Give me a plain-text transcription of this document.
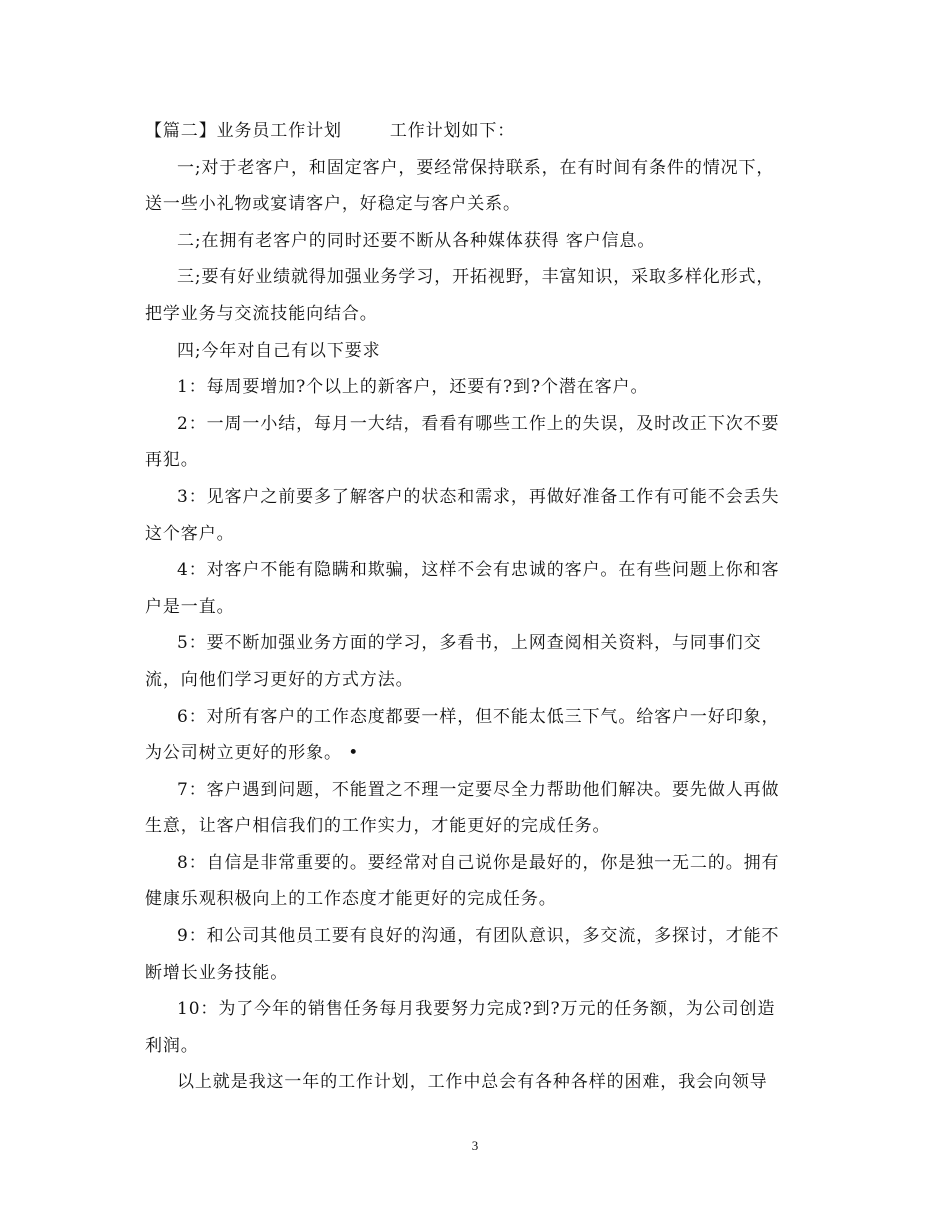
【篇二】业务员工作计划	工作计划如下：
一;对于老客户，和固定客户，要经常保持联系，在有时间有条件的情况下，
送一些小礼物或宴请客户，好稳定与客户关系。
二;在拥有老客户的同时还要不断从各种媒体获得 客户信息。
三;要有好业绩就得加强业务学习，开拓视野，丰富知识，采取多样化形式，
把学业务与交流技能向结合。
四;今年对自己有以下要求
1：每周要增加?个以上的新客户，还要有?到?个潜在客户。
2：一周一小结，每月一大结，看看有哪些工作上的失误，及时改正下次不要
再犯。
3：见客户之前要多了解客户的状态和需求，再做好准备工作有可能不会丢失
这个客户。
4：对客户不能有隐瞒和欺骗，这样不会有忠诚的客户。在有些问题上你和客
户是一直。
5：要不断加强业务方面的学习，多看书，上网查阅相关资料，与同事们交
流，向他们学习更好的方式方法。
6：对所有客户的工作态度都要一样，但不能太低三下气。给客户一好印象，
为公司树立更好的形象。 •
7：客户遇到问题，不能置之不理一定要尽全力帮助他们解决。要先做人再做
生意，让客户相信我们的工作实力，才能更好的完成任务。
8：自信是非常重要的。要经常对自己说你是最好的，你是独一无二的。拥有
健康乐观积极向上的工作态度才能更好的完成任务。
9：和公司其他员工要有良好的沟通，有团队意识，多交流，多探讨，才能不
断增长业务技能。
10：为了今年的销售任务每月我要努力完成?到?万元的任务额，为公司创造
利润。
以上就是我这一年的工作计划，工作中总会有各种各样的困难，我会向领导
3
